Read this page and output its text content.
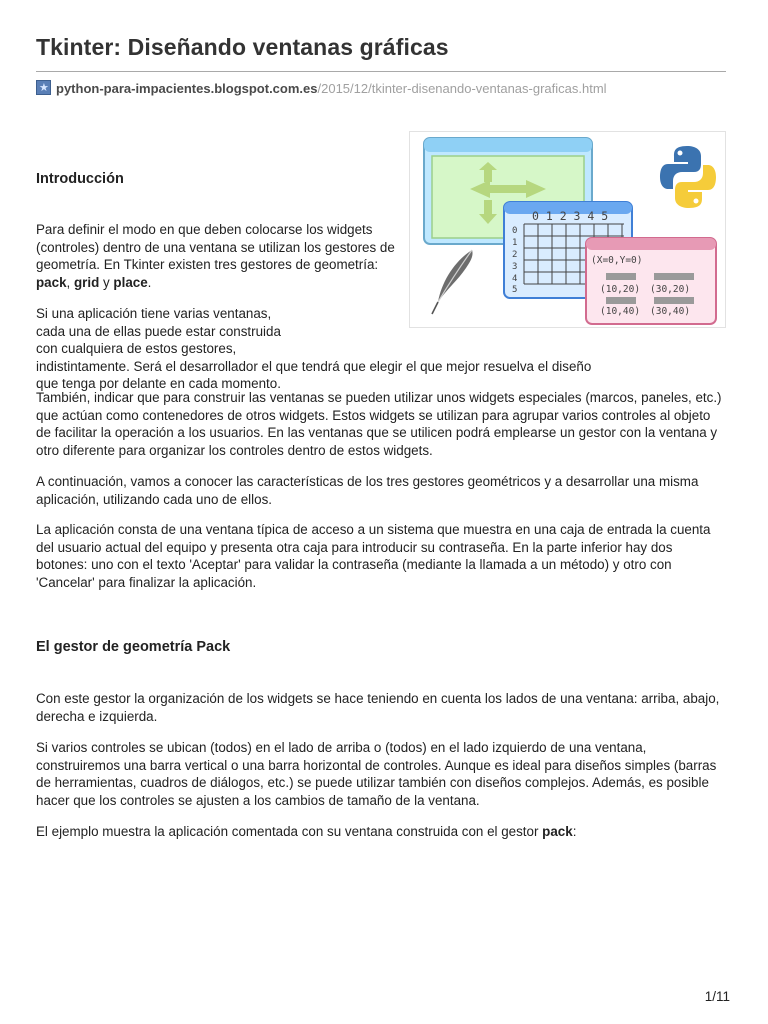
Tkinter: Diseñando ventanas gráficas
★ python-para-impacientes.blogspot.com.es/2015/12/tkinter-disenando-ventanas-graficas.html
0 1 2 3 4 5
0
1
2
3
4
5
(X=0,Y=0)
(10,20) (30,20)
(10,40) (30,40)
Introducción

Para definir el modo en que deben colocarse los widgets (controles) dentro de una ventana se utilizan los gestores de geometría. En Tkinter existen tres gestores de geometría: pack, grid y place.

Si una aplicación tiene varias ventanas, cada una de ellas puede estar construida con cualquiera de estos gestores, indistintamente. Será el desarrollador el que tendrá que elegir el que mejor resuelva el diseño que tenga por delante en cada momento.

También, indicar que para construir las ventanas se pueden utilizar unos widgets especiales (marcos, paneles, etc.) que actúan como contenedores de otros widgets. Estos widgets se utilizan para agrupar varios controles al objeto de facilitar la operación a los usuarios. En las ventanas que se utilicen podrá emplearse un gestor con la ventana y otro diferente para organizar los controles dentro de estos widgets.

A continuación, vamos a conocer las características de los tres gestores geométricos y a desarrollar una misma aplicación, utilizando cada uno de ellos.

La aplicación consta de una ventana típica de acceso a un sistema que muestra en una caja de entrada la cuenta del usuario actual del equipo y presenta otra caja para introducir su contraseña. En la parte inferior hay dos botones: uno con el texto 'Aceptar' para validar la contraseña (mediante la llamada a un método) y otro con 'Cancelar' para finalizar la aplicación.

El gestor de geometría Pack

Con este gestor la organización de los widgets se hace teniendo en cuenta los lados de una ventana: arriba, abajo, derecha e izquierda.

Si varios controles se ubican (todos) en el lado de arriba o (todos) en el lado izquierdo de una ventana, construiremos una barra vertical o una barra horizontal de controles. Aunque es ideal para diseños simples (barras de herramientas, cuadros de diálogos, etc.) se puede utilizar también con diseños complejos. Además, es posible hacer que los controles se ajusten a los cambios de tamaño de la ventana.

El ejemplo muestra la aplicación comentada con su ventana construida con el gestor pack:

1/11
